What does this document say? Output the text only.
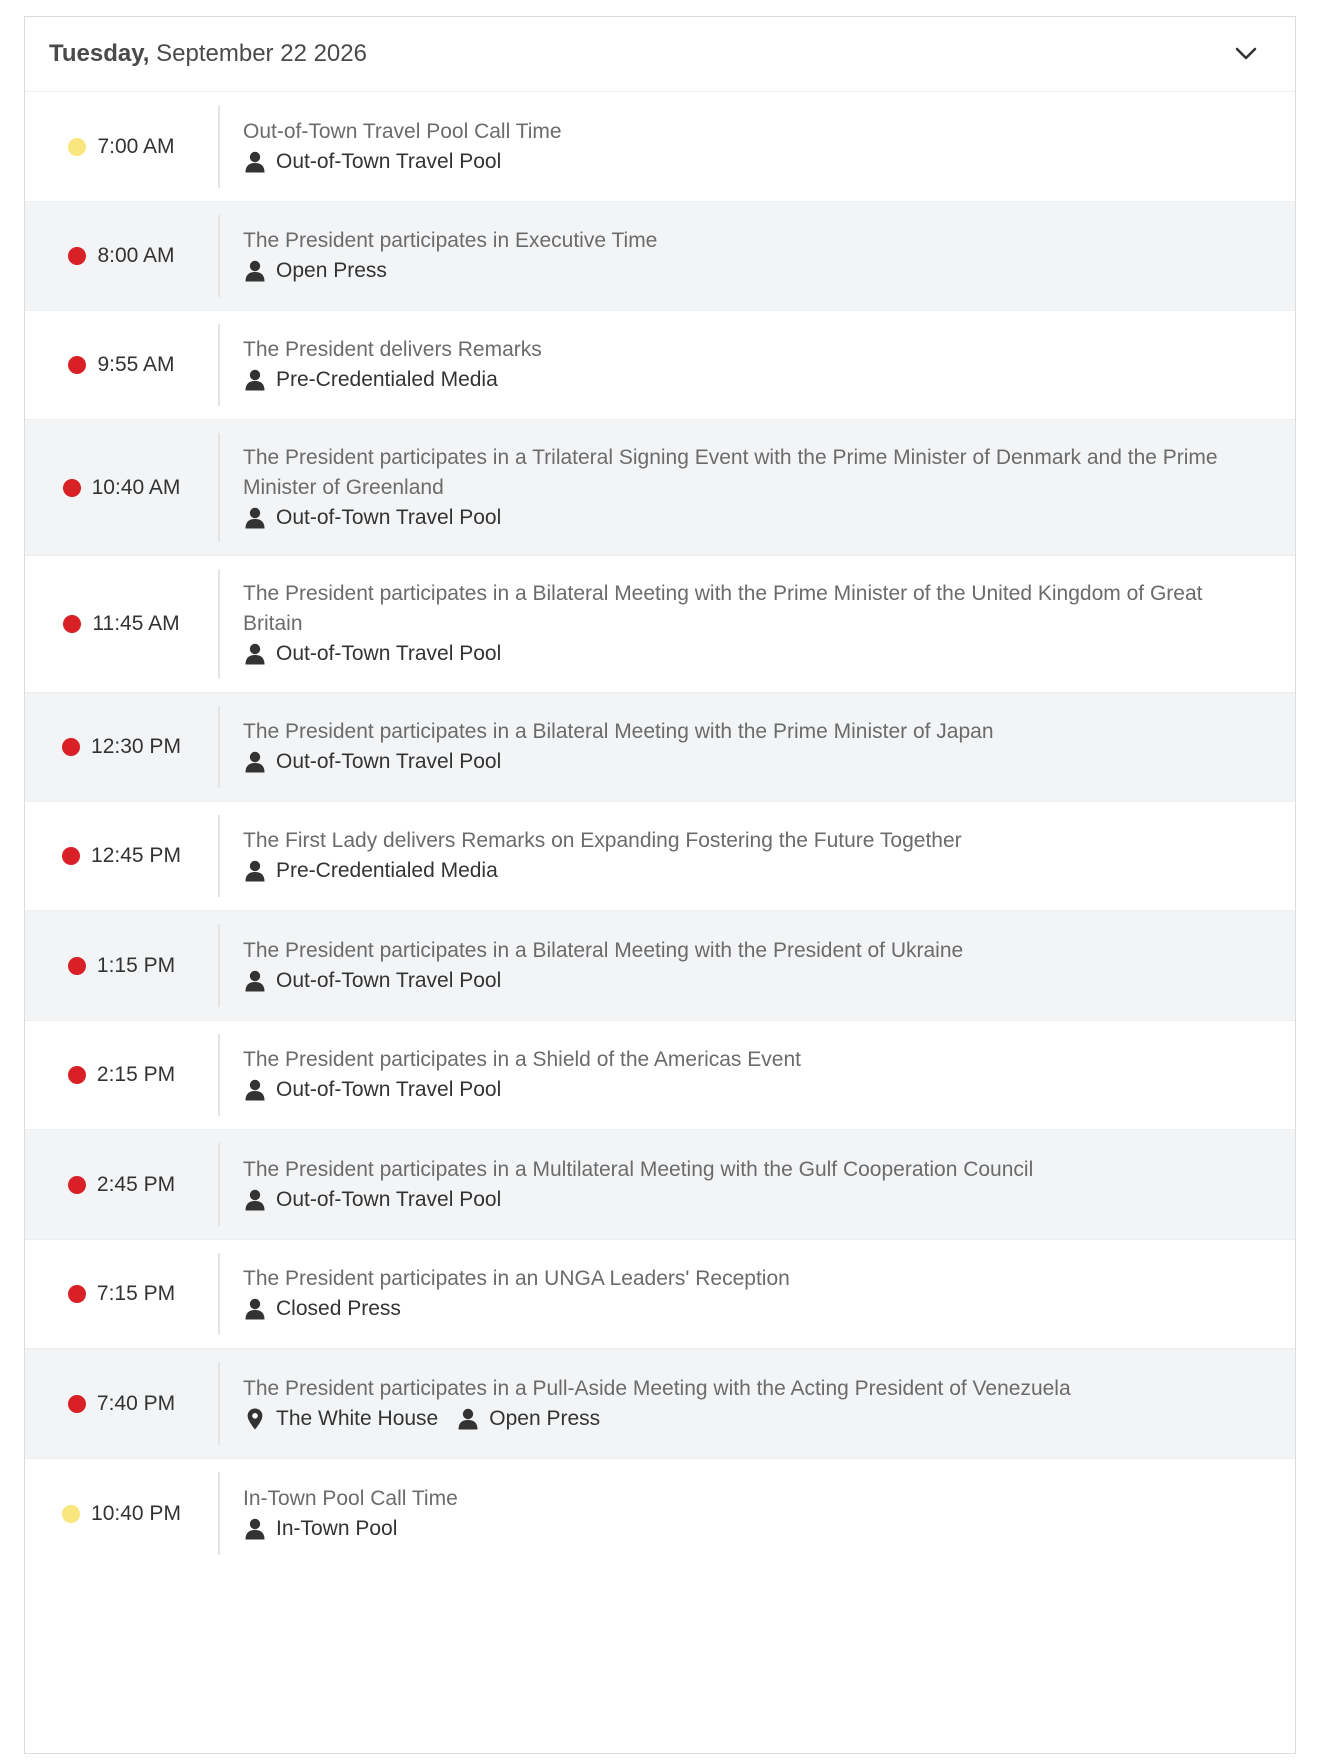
Tuesday, September 22 2026
7:00 AM
Out-of-Town Travel Pool Call Time
Out-of-Town Travel Pool
8:00 AM
The President participates in Executive Time
Open Press
9:55 AM
The President delivers Remarks
Pre-Credentialed Media
10:40 AM
The President participates in a Trilateral Signing Event with the Prime Minister of Denmark and the Prime Minister of Greenland
Out-of-Town Travel Pool
11:45 AM
The President participates in a Bilateral Meeting with the Prime Minister of the United Kingdom of Great Britain
Out-of-Town Travel Pool
12:30 PM
The President participates in a Bilateral Meeting with the Prime Minister of Japan
Out-of-Town Travel Pool
12:45 PM
The First Lady delivers Remarks on Expanding Fostering the Future Together
Pre-Credentialed Media
1:15 PM
The President participates in a Bilateral Meeting with the President of Ukraine
Out-of-Town Travel Pool
2:15 PM
The President participates in a Shield of the Americas Event
Out-of-Town Travel Pool
2:45 PM
The President participates in a Multilateral Meeting with the Gulf Cooperation Council
Out-of-Town Travel Pool
7:15 PM
The President participates in an UNGA Leaders' Reception
Closed Press
7:40 PM
The President participates in a Pull-Aside Meeting with the Acting President of Venezuela
The White House Open Press
10:40 PM
In-Town Pool Call Time
In-Town Pool
